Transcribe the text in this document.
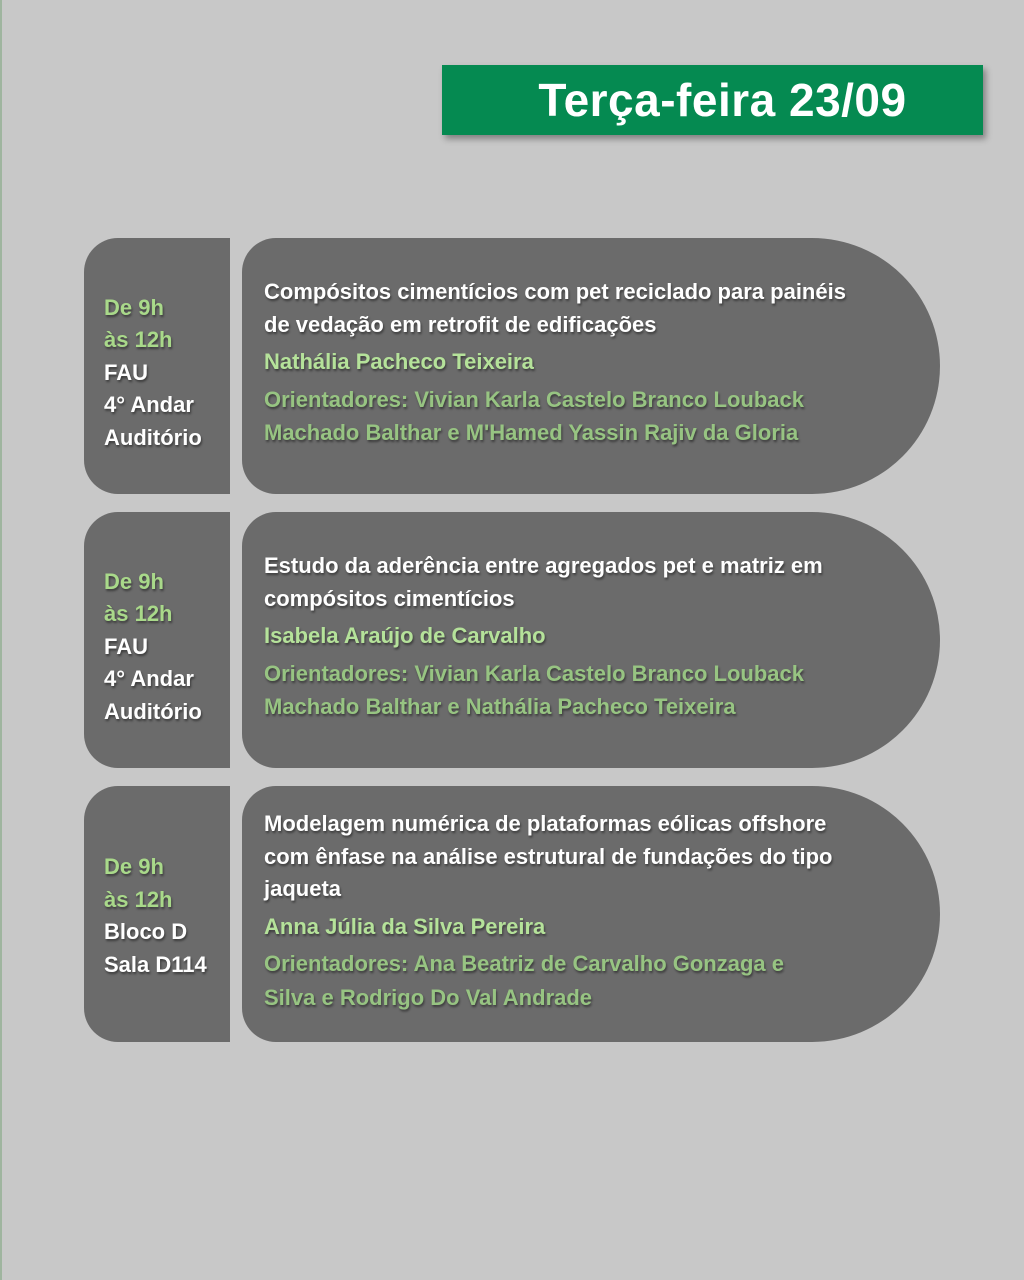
Terça-feira 23/09
De 9h
às 12h
FAU
4° Andar
Auditório
Compósitos cimentícios com pet reciclado para painéis
de vedação em retrofit de edificações
Nathália Pacheco Teixeira
Orientadores: Vivian Karla Castelo Branco Louback
Machado Balthar e M'Hamed Yassin Rajiv da Gloria
De 9h
às 12h
FAU
4° Andar
Auditório
Estudo da aderência entre agregados pet e matriz em
compósitos cimentícios
Isabela Araújo de Carvalho
Orientadores: Vivian Karla Castelo Branco Louback
Machado Balthar e Nathália Pacheco Teixeira
De 9h
às 12h
Bloco D
Sala D114
Modelagem numérica de plataformas eólicas offshore
com ênfase na análise estrutural de fundações do tipo
jaqueta
Anna Júlia da Silva Pereira
Orientadores: Ana Beatriz de Carvalho Gonzaga e
Silva e Rodrigo Do Val Andrade
